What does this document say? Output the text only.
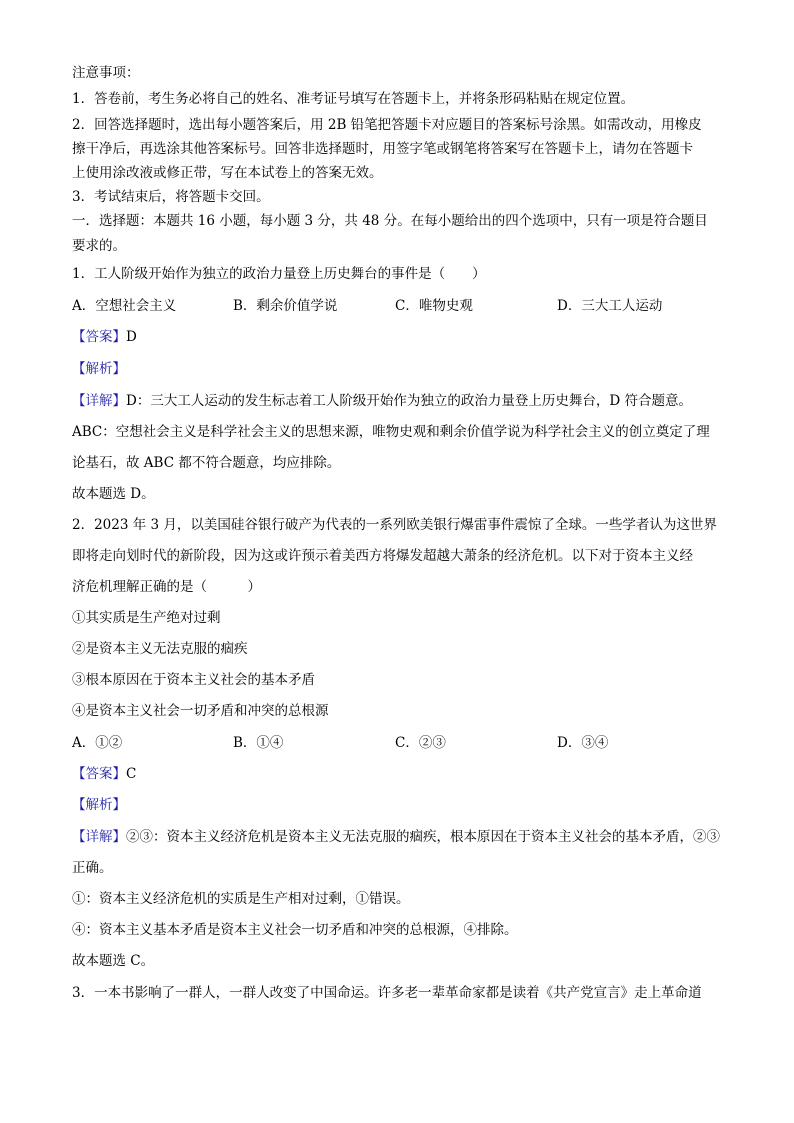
注意事项：
1．答卷前，考生务必将自己的姓名、准考证号填写在答题卡上，并将条形码粘贴在规定位置。
2．回答选择题时，选出每小题答案后，用 2B 铅笔把答题卡对应题目的答案标号涂黑。如需改动，用橡皮
擦干净后，再选涂其他答案标号。回答非选择题时，用签字笔或钢笔将答案写在答题卡上，请勿在答题卡
上使用涂改液或修正带，写在本试卷上的答案无效。
3．考试结束后，将答题卡交回。
一．选择题：本题共 16 小题，每小题 3 分，共 48 分。在每小题给出的四个选项中，只有一项是符合题目
要求的。
1．工人阶级开始作为独立的政治力量登上历史舞台的事件是（　　）
A．空想社会主义	B．剩余价值学说	C．唯物史观	D．三大工人运动
【答案】D
【解析】
【详解】D：三大工人运动的发生标志着工人阶级开始作为独立的政治力量登上历史舞台，D 符合题意。
ABC：空想社会主义是科学社会主义的思想来源，唯物史观和剩余价值学说为科学社会主义的创立奠定了理
论基石，故 ABC 都不符合题意，均应排除。
故本题选 D。
2．2023 年 3 月，以美国硅谷银行破产为代表的一系列欧美银行爆雷事件震惊了全球。一些学者认为这世界
即将走向划时代的新阶段，因为这或许预示着美西方将爆发超越大萧条的经济危机。以下对于资本主义经
济危机理解正确的是（　　　）
①其实质是生产绝对过剩
②是资本主义无法克服的痼疾
③根本原因在于资本主义社会的基本矛盾
④是资本主义社会一切矛盾和冲突的总根源
A．①②	B．①④	C．②③	D．③④
【答案】C
【解析】
【详解】②③：资本主义经济危机是资本主义无法克服的痼疾，根本原因在于资本主义社会的基本矛盾，②③
正确。
①：资本主义经济危机的实质是生产相对过剩，①错误。
④：资本主义基本矛盾是资本主义社会一切矛盾和冲突的总根源，④排除。
故本题选 C。
3．一本书影响了一群人，一群人改变了中国命运。许多老一辈革命家都是读着《共产党宣言》走上革命道
